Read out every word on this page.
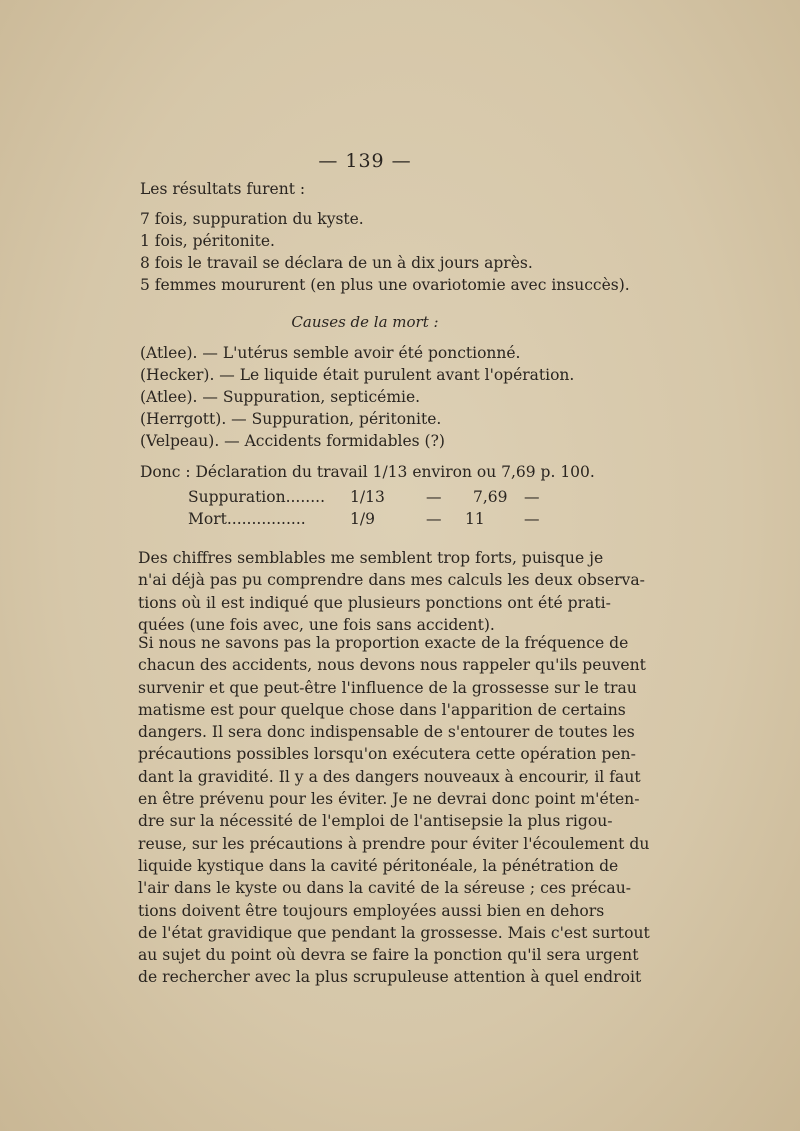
— 139 —
Les résultats furent :
7 fois, suppuration du kyste.
1 fois, péritonite.
8 fois le travail se déclara de un à dix jours après.
5 femmes moururent (en plus une ovariotomie avec insuccès).
Causes de la mort :
(Atlee). — L'utérus semble avoir été ponctionné.
(Hecker). — Le liquide était purulent avant l'opération.
(Atlee). — Suppuration, septicémie.
(Herrgott). — Suppuration, péritonite.
(Velpeau). — Accidents formidables (?)
Donc : Déclaration du travail 1/13 environ ou 7,69 p. 100.
Suppuration........ 1/13	— 7,69 —
Mort................	1/9	— 11	—
Des chiffres semblables me semblent trop forts, puisque je
n'ai déjà pas pu comprendre dans mes calculs les deux observa-
tions où il est indiqué que plusieurs ponctions ont été prati-
quées (une fois avec, une fois sans accident).
Si nous ne savons pas la proportion exacte de la fréquence de
chacun des accidents, nous devons nous rappeler qu'ils peuvent
survenir et que peut-être l'influence de la grossesse sur le trau
matisme est pour quelque chose dans l'apparition de certains
dangers. Il sera donc indispensable de s'entourer de toutes les
précautions possibles lorsqu'on exécutera cette opération pen-
dant la gravidité. Il y a des dangers nouveaux à encourir, il faut
en être prévenu pour les éviter. Je ne devrai donc point m'éten-
dre sur la nécessité de l'emploi de l'antisepsie la plus rigou-
reuse, sur les précautions à prendre pour éviter l'écoulement du
liquide kystique dans la cavité péritonéale, la pénétration de
l'air dans le kyste ou dans la cavité de la séreuse ; ces précau-
tions doivent être toujours employées aussi bien en dehors
de l'état gravidique que pendant la grossesse. Mais c'est surtout
au sujet du point où devra se faire la ponction qu'il sera urgent
de rechercher avec la plus scrupuleuse attention à quel endroit
